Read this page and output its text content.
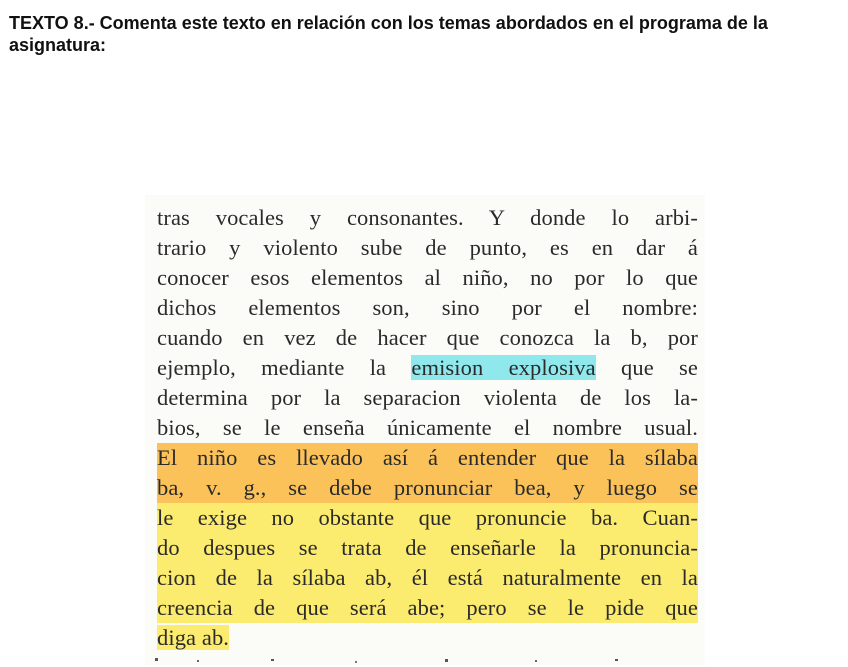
TEXTO 8.- Comenta este texto en relación con los temas abordados en el programa de la asignatura:
tras vocales y consonantes. Y donde lo arbi-
trario y violento sube de punto, es en dar á
conocer esos elementos al niño, no por lo que
dichos elementos son, sino por el nombre:
cuando en vez de hacer que conozca la b, por
ejemplo, mediante la emision explosiva que se
determina por la separacion violenta de los la-
bios, se le enseña únicamente el nombre usual.
El niño es llevado así á entender que la sílaba
ba, v. g., se debe pronunciar bea, y luego se
le exige no obstante que pronuncie ba. Cuan-
do despues se trata de enseñarle la pronuncia-
cion de la sílaba ab, él está naturalmente en la
creencia de que será abe; pero se le pide que
diga ab.
